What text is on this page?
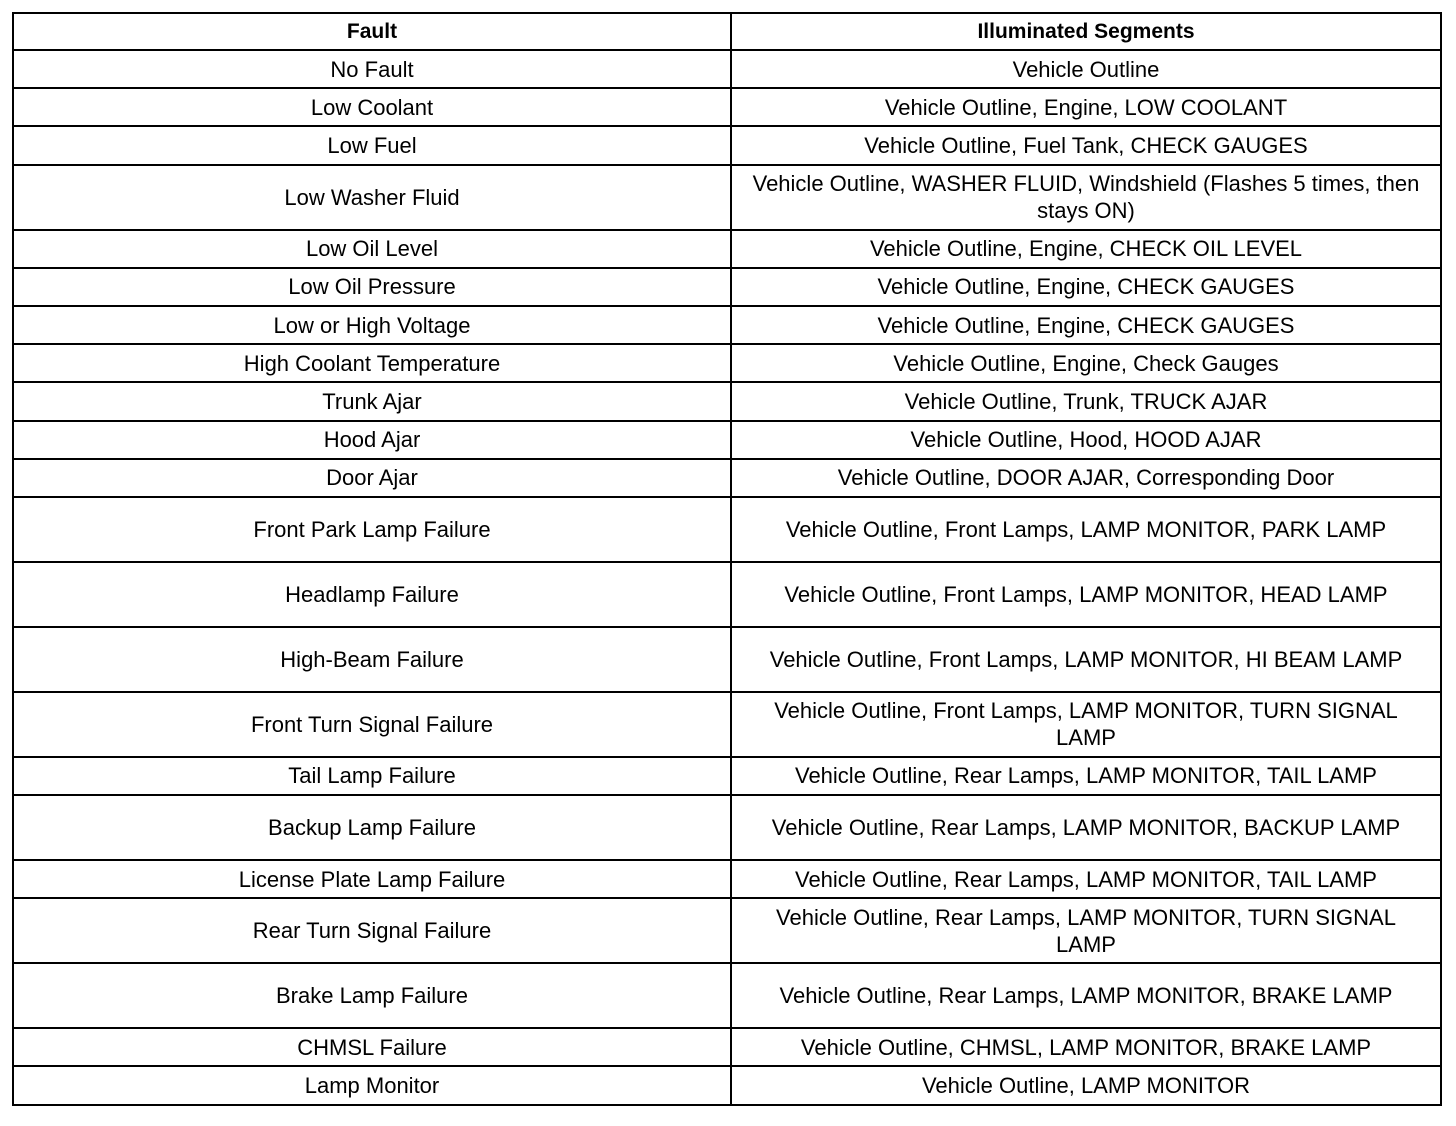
Fault	Illuminated Segments
No Fault	Vehicle Outline
Low Coolant	Vehicle Outline, Engine, LOW COOLANT
Low Fuel	Vehicle Outline, Fuel Tank, CHECK GAUGES
Low Washer Fluid	Vehicle Outline, WASHER FLUID, Windshield (Flashes 5 times, then stays ON)
Low Oil Level	Vehicle Outline, Engine, CHECK OIL LEVEL
Low Oil Pressure	Vehicle Outline, Engine, CHECK GAUGES
Low or High Voltage	Vehicle Outline, Engine, CHECK GAUGES
High Coolant Temperature	Vehicle Outline, Engine, Check Gauges
Trunk Ajar	Vehicle Outline, Trunk, TRUCK AJAR
Hood Ajar	Vehicle Outline, Hood, HOOD AJAR
Door Ajar	Vehicle Outline, DOOR AJAR, Corresponding Door
Front Park Lamp Failure	Vehicle Outline, Front Lamps, LAMP MONITOR, PARK LAMP
Headlamp Failure	Vehicle Outline, Front Lamps, LAMP MONITOR, HEAD LAMP
High-Beam Failure	Vehicle Outline, Front Lamps, LAMP MONITOR, HI BEAM LAMP
Front Turn Signal Failure	Vehicle Outline, Front Lamps, LAMP MONITOR, TURN SIGNAL LAMP
Tail Lamp Failure	Vehicle Outline, Rear Lamps, LAMP MONITOR, TAIL LAMP
Backup Lamp Failure	Vehicle Outline, Rear Lamps, LAMP MONITOR, BACKUP LAMP
License Plate Lamp Failure	Vehicle Outline, Rear Lamps, LAMP MONITOR, TAIL LAMP
Rear Turn Signal Failure	Vehicle Outline, Rear Lamps, LAMP MONITOR, TURN SIGNAL LAMP
Brake Lamp Failure	Vehicle Outline, Rear Lamps, LAMP MONITOR, BRAKE LAMP
CHMSL Failure	Vehicle Outline, CHMSL, LAMP MONITOR, BRAKE LAMP
Lamp Monitor	Vehicle Outline, LAMP MONITOR
